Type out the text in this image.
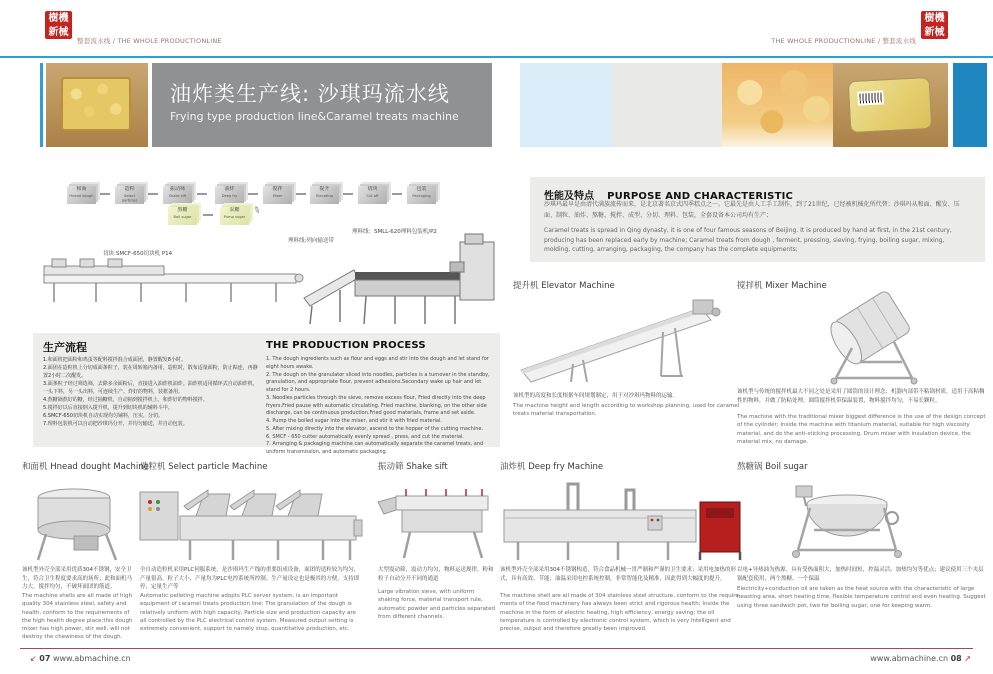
樹機
新械
整套流水线 / THE WHOLE PRODUCTIONLINE	THE WHOLE PRODUCTIONLINE / 整套流水线
樹機
新械
油炸类生产线: 沙琪玛流水线
Frying type production line&Caramel treats machine
和面
Hnead dough
造粒
Select particles
振动筛
Shake sift
油炸
Deep fry
搅拌
Mixer
提升
Elevating
切块
Cut off
包装
Packaging
熬糖
Boil sugar
泵糖
Pump sugar ✎
切块:SMCF-650切块机 P14
理料线:列向输送带
理料线：SMLL-620理料包装机/P2
生产流程
1.和面机把面粉和鸡蛋等配料搅拌混合成面团，静置醒发8小时。
2.面团在造粒机上分切成面条粒子，装在周转箱内备用，造粒时，散布适量面粉，防止粘连，再静置2小时二次醒发。
3.面条粒子经过筛选筛，去除多余面粉后，直接进入油炸机油炸。油炸机适用循环式自动油炸机，一头下料，另一头出料，可连续生产。炸好的物料，装框备用。
4.熬糖锅熬好的糖，经过抽糖机，自动抽到搅拌机上，和炸好的物料搅拌。
5.搅拌好以后直接倒入提升机，提升到切块机的辅料斗中。
6.SMCF-650切块机自动实现均匀铺料，压实，分切。
7.理料包装机可以自动把沙琪玛分开，并均匀输送，并自动包装。
THE PRODUCTION PROCESS
1. The dough ingredients such as flour and eggs and stir into the dough and let stand for eight hours awake.
2. The dough on the granulator sliced into noodles, particles is a turnover in the standby, granulation, and appropriate flour, prevent adhesions.Secondary wake up hair and let stand for 2 hours.
3. Noodles particles through the sieve, remove excess flour, Fried directly into the deep fryers.Fried pause with automatic circulating. Fried machine, blanking, on the other side discharge, can be continuous production.Fried good materials, frame and set aside.
4. Pump the boiled sugar into the mixer, and stir it with fried material.
5. After mixing directly into the elevator, ascend to the hopper of the cutting machine.
6. SMCF - 650 cutter automatically evenly spread , press, and cut the material.
7. Arranging & packaging machine can automatically separate the caramel treats, and uniform transmission, and automatic packaging.
性能及特点 PURPOSE AND CHARACTERISTIC
沙琪玛最早是由清代满族流传而来，是北京著名京式四季糕点之一。它最先是由人工手工制作，到了21世纪，已经被机械化所代替；沙琪玛从和面、醒发、压面、制粒、油炸、熬糖、搅拌、成型、分切、理料、包装，全套设备本公司均有生产；
Caramel treats is spread in Qing dynasty, it is one of four famous seasons of Beijing. It is produced by hand at first, in the 21st century, producing has been replaced early by machine; Caramel treats from dough , ferment, pressing, sieving, frying, boiling sugar, mixing, molding, cutting, arranging, packaging, the company has the complete equipments;
提升机 Elevator Machine
该机型的高度和长度根据车间规划制定，用于对沙琪玛物料的运输。
The machine height and length according to workshop planning, used for caramel treats material transportation.
搅拌机 Mixer Machine
该机型与传统的搅拌机最大不同之处是采用了圆筒的设计理念；机器内部带不粘锅材质，适用于高粘稠性的物料，并做了防粘处理。圆筒搅拌机带保温装置，物料搅拌均匀，不易长颗粒。
The machine with the traditional mixer biggest difference is the use of the design concept of the cylinder; Inside the machine with titanium material, suitable for high viscosity material, and do the anti-sticking processing. Drum mixer with insulation device, the material mix, no damage.
和面机 Hnead dought Machine
该机型外壳全部采用优质304不锈钢，安全卫生，符合卫生程度要求高的场所；此和面机马力大，搅拌均匀，不破坏面团的筋道。
The machine shells are all made of high quality 304 stainless steel, safety and health, conform to the requirements of the high health degree place;this dough mixer has high power, stir well, will not destroy the chewiness of the dough.
造粒机 Select particle Machine
全自动造粒机采用PLC伺服系统，是沙琪玛生产线的重要组成设备，面团的造粒较为均匀，产量很高。粒子大小、产量均为PLC电控系统所控制。生产量设定也是极其的方便，支持即停，定量生产等
Automatic pelleting machine adopts PLC server system, is an important equipment of caramel treats production line; The granulation of the dough is relatively uniform with high capacity, Particle size and production capacity are all controlled by the PLC electrical control system. Measured output setting is extremely convenient, support to namely stop, quantitative production, etc.
振动筛 Shake sift
大型震动筛，震动力均匀，物料运送规律，粉和粒子自动分开不同的通道
Large vibration sieve, with uniform shaking force, material transport rule, automatic powder and particles separated from different channels.
油炸机 Deep fry Machine
该机型外壳全部采用304不锈钢构造，符合食品机械一贯严制和严谨的卫生要求；采用电加热的形式，具有高效、节能；油温采用电控系统控制，非常智能化及精准，因此得到大幅度的提升。
The machine shell are all made of 304 stainless steel structure, conform to the require-ments of the food machinery has always been strict and rigorous health; Inside the machine in the form of electric heating, high efficiency, energy saving; the oil temperature is controlled by electronic control system, which is very intelligent and precise, output and therefore greatly been improved.
熬糖锅 Boil sugar
以电+导热油为热源。具有受热面积大，加热时间短，控温灵活、加热均匀等优点；建议使用三个夹层锅配套使用，两个熬糖、一个保温
Electricity+conduction oil are taken as the heat source with the characteristic of large heasting area, short heating time, flexible temperature control and even heating. Suggest using three sandwich pot, two for boiling sugar, one for keeping warm.
↙ 07 www.abmachine.cn	www.abmachine.cn 08 ↗
